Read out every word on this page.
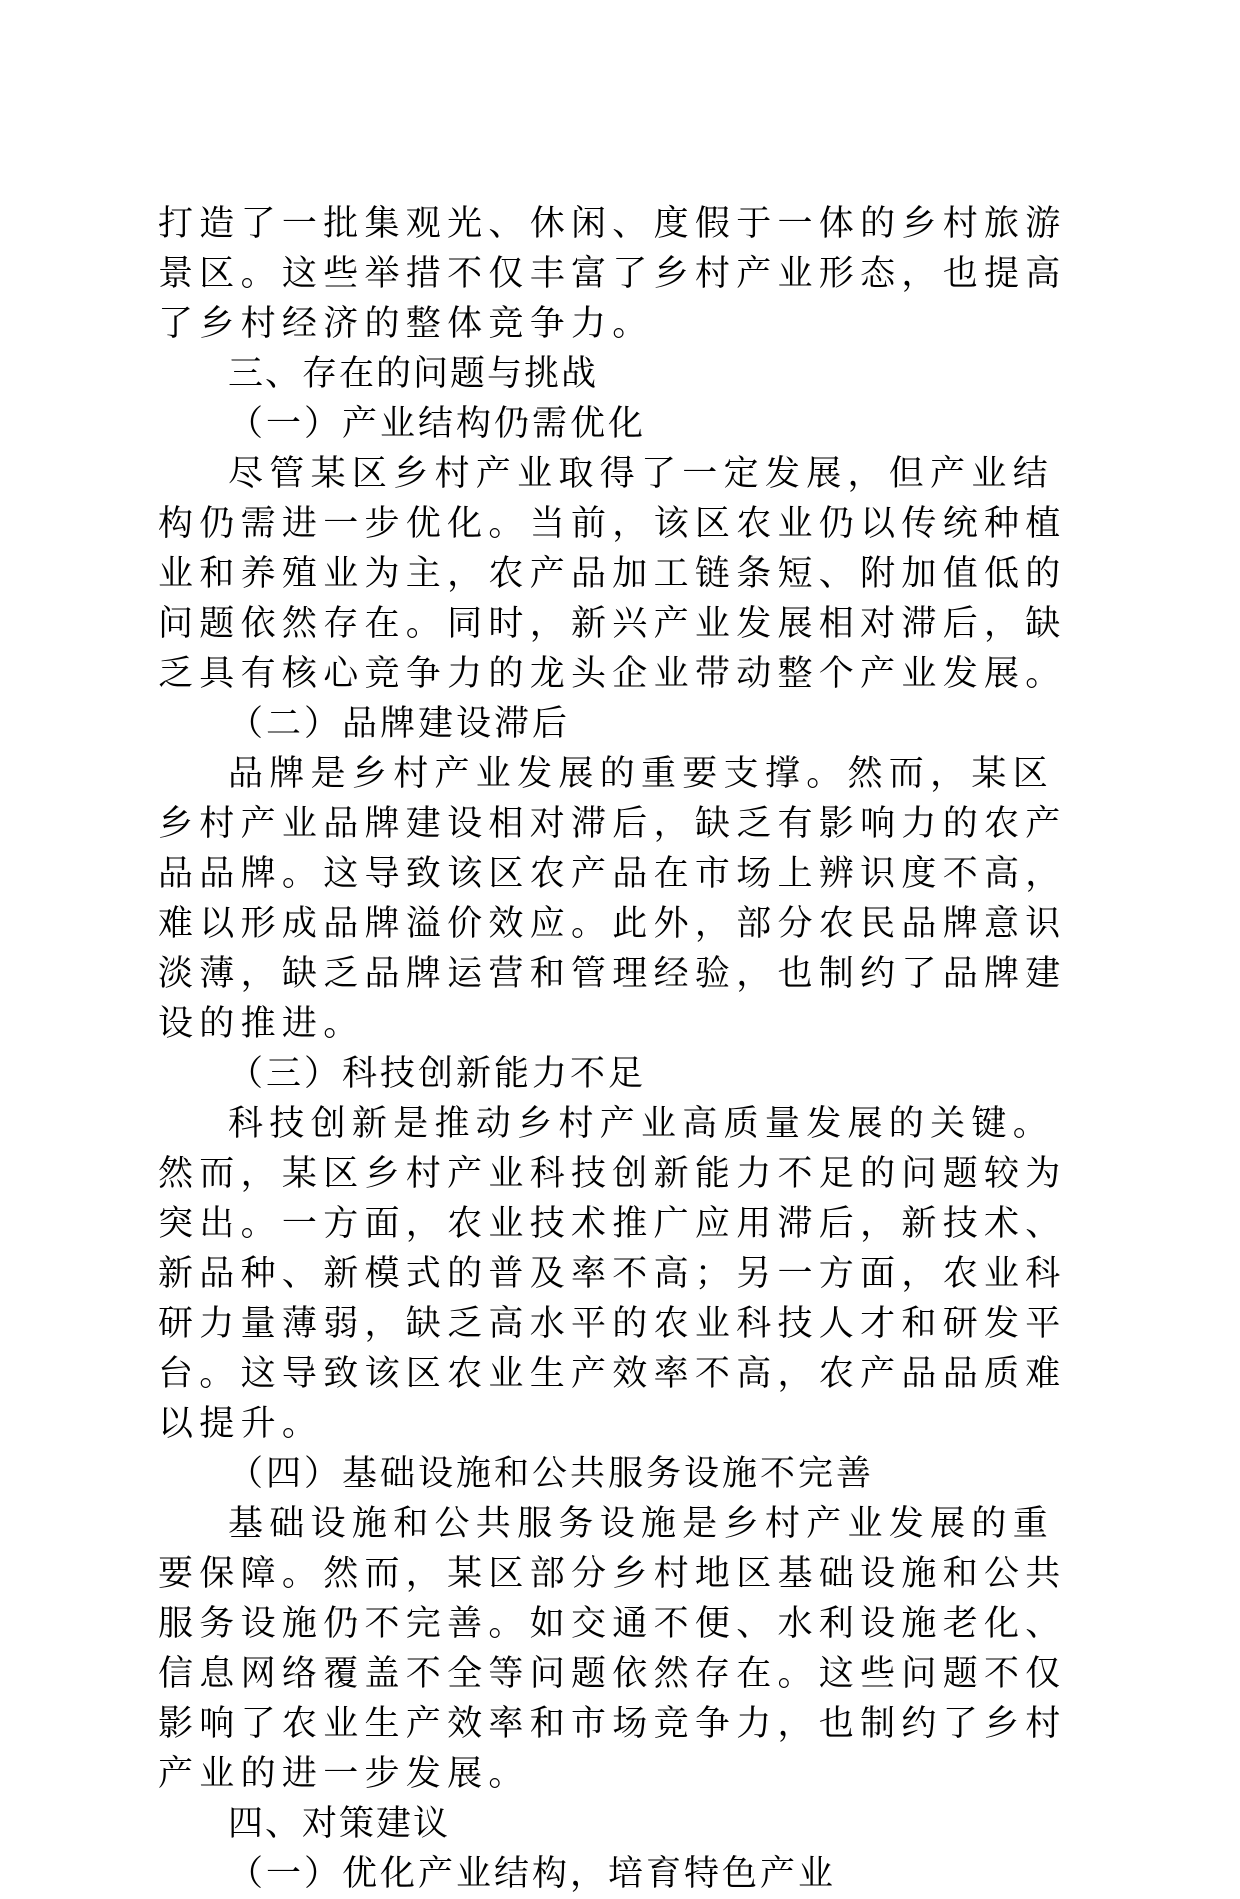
打造了一批集观光、休闲、度假于一体的乡村旅游景区。这些举措不仅丰富了乡村产业形态，也提高了乡村经济的整体竞争力。

三、存在的问题与挑战
（一）产业结构仍需优化

尽管某区乡村产业取得了一定发展，但产业结构仍需进一步优化。当前，该区农业仍以传统种植业和养殖业为主，农产品加工链条短、附加值低的问题依然存在。同时，新兴产业发展相对滞后，缺乏具有核心竞争力的龙头企业带动整个产业发展。

（二）品牌建设滞后

品牌是乡村产业发展的重要支撑。然而，某区乡村产业品牌建设相对滞后，缺乏有影响力的农产品品牌。这导致该区农产品在市场上辨识度不高，难以形成品牌溢价效应。此外，部分农民品牌意识淡薄，缺乏品牌运营和管理经验，也制约了品牌建设的推进。

（三）科技创新能力不足

科技创新是推动乡村产业高质量发展的关键。然而，某区乡村产业科技创新能力不足的问题较为突出。一方面，农业技术推广应用滞后，新技术、新品种、新模式的普及率不高；另一方面，农业科研力量薄弱，缺乏高水平的农业科技人才和研发平台。这导致该区农业生产效率不高，农产品品质难以提升。

（四）基础设施和公共服务设施不完善

基础设施和公共服务设施是乡村产业发展的重要保障。然而，某区部分乡村地区基础设施和公共服务设施仍不完善。如交通不便、水利设施老化、信息网络覆盖不全等问题依然存在。这些问题不仅影响了农业生产效率和市场竞争力，也制约了乡村产业的进一步发展。

四、对策建议
（一）优化产业结构，培育特色产业
